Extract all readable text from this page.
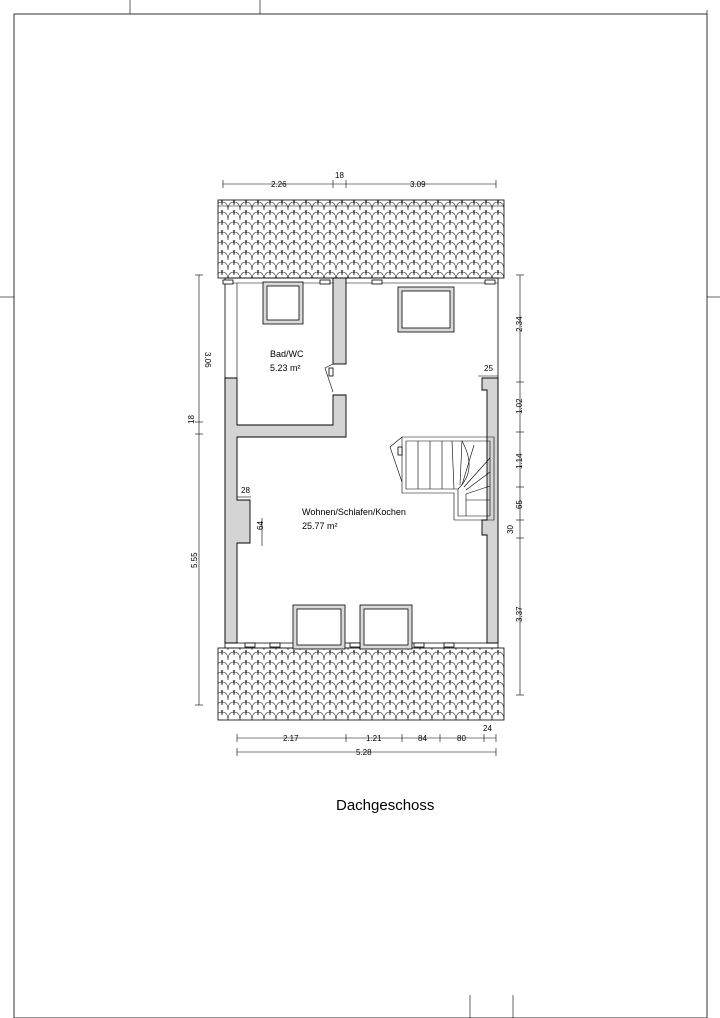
2.26
18
3.09
3.06
18
5.55
2.34
25
1.02
1.14
65
30
3.37
2.17	1.21	84	80
24
5.28
28
64
Bad/WC
5.23 m²
Wohnen/Schlafen/Kochen
25.77 m²
Dachgeschoss
